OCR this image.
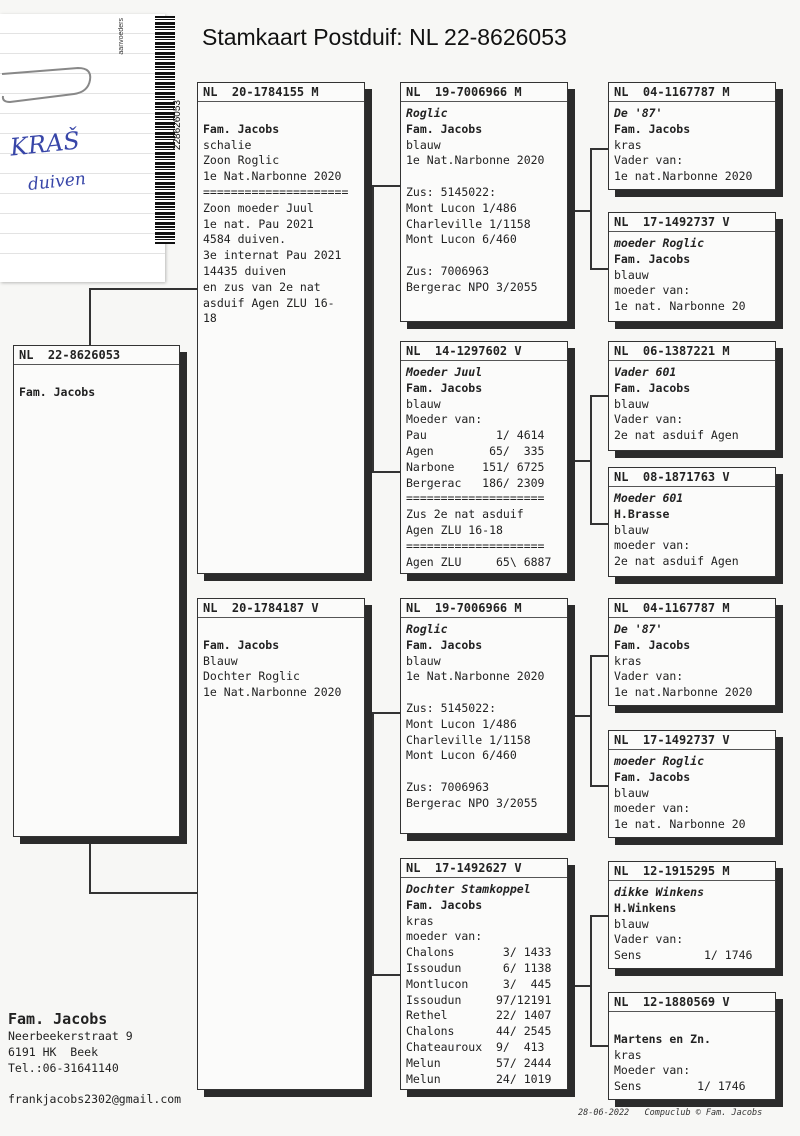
Stamkaart Postduif: NL 22-8626053
aanvoeders
228626053
KRAŠ
duiven
NL  22-8626053
Fam. Jacobs
NL  20-1784155 M
Fam. Jacobs
schalie
Zoon Roglic
1e Nat.Narbonne 2020
=====================
Zoon moeder Juul
1e nat. Pau 2021
4584 duiven.
3e internat Pau 2021
14435 duiven
en zus van 2e nat
asduif Agen ZLU 16-
18
NL  20-1784187 V
Fam. Jacobs
Blauw
Dochter Roglic
1e Nat.Narbonne 2020
NL  19-7006966 M
Roglic
Fam. Jacobs
blauw
1e Nat.Narbonne 2020
Zus: 5145022:
Mont Lucon 1/486
Charleville 1/1158
Mont Lucon 6/460
Zus: 7006963
Bergerac NPO 3/2055
NL  14-1297602 V
Moeder Juul
Fam. Jacobs
blauw
Moeder van:
Pau          1/ 4614
Agen        65/  335
Narbone    151/ 6725
Bergerac   186/ 2309
====================
Zus 2e nat asduif
Agen ZLU 16-18
====================
Agen ZLU     65\ 6887
NL  19-7006966 M
Roglic
Fam. Jacobs
blauw
1e Nat.Narbonne 2020
Zus: 5145022:
Mont Lucon 1/486
Charleville 1/1158
Mont Lucon 6/460
Zus: 7006963
Bergerac NPO 3/2055
NL  17-1492627 V
Dochter Stamkoppel
Fam. Jacobs
kras
moeder van:
Chalons       3/ 1433
Issoudun      6/ 1138
Montlucon     3/  445
Issoudun     97/12191
Rethel       22/ 1407
Chalons      44/ 2545
Chateauroux  9/  413
Melun        57/ 2444
Melun        24/ 1019
NL  04-1167787 M
De '87'
Fam. Jacobs
kras
Vader van:
1e nat.Narbonne 2020
NL  17-1492737 V
moeder Roglic
Fam. Jacobs
blauw
moeder van:
1e nat. Narbonne 20
NL  06-1387221 M
Vader 601
Fam. Jacobs
blauw
Vader van:
2e nat asduif Agen
NL  08-1871763 V
Moeder 601
H.Brasse
blauw
moeder van:
2e nat asduif Agen
NL  04-1167787 M
De '87'
Fam. Jacobs
kras
Vader van:
1e nat.Narbonne 2020
NL  17-1492737 V
moeder Roglic
Fam. Jacobs
blauw
moeder van:
1e nat. Narbonne 20
NL  12-1915295 M
dikke Winkens
H.Winkens
blauw
Vader van:
Sens         1/ 1746
NL  12-1880569 V
Martens en Zn.
kras
Moeder van:
Sens        1/ 1746
Fam. Jacobs
Neerbeekerstraat 9
6191 HK  Beek
Tel.:06-31641140
frankjacobs2302@gmail.com
28-06-2022   Compuclub © Fam. Jacobs
